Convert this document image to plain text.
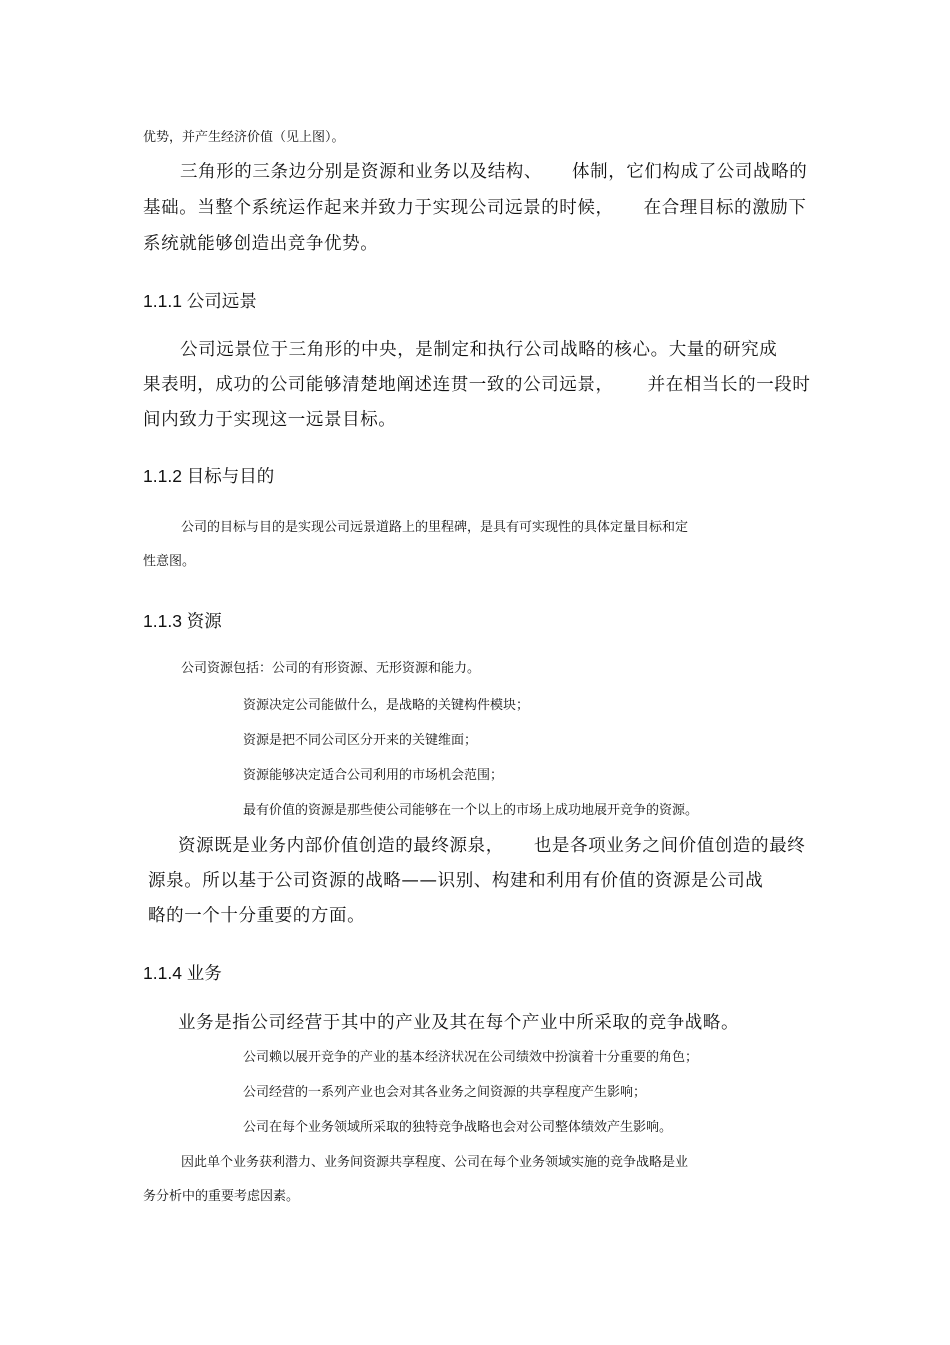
优势，并产生经济价值（见上图）。
三角形的三条边分别是资源和业务以及结构、 体制，它们构成了公司战略的
基础。当整个系统运作起来并致力于实现公司远景的时候， 在合理目标的激励下
系统就能够创造出竞争优势。
1.1.1 公司远景
公司远景位于三角形的中央，是制定和执行公司战略的核心。大量的研究成
果表明，成功的公司能够清楚地阐述连贯一致的公司远景， 并在相当长的一段时
间内致力于实现这一远景目标。
1.1.2 目标与目的
公司的目标与目的是实现公司远景道路上的里程碑，是具有可实现性的具体定量目标和定
性意图。
1.1.3 资源
公司资源包括：公司的有形资源、无形资源和能力。
资源决定公司能做什么，是战略的关键构件模块；
资源是把不同公司区分开来的关键维面；
资源能够决定适合公司利用的市场机会范围；
最有价值的资源是那些使公司能够在一个以上的市场上成功地展开竞争的资源。
资源既是业务内部价值创造的最终源泉， 也是各项业务之间价值创造的最终
源泉。所以基于公司资源的战略——识别、构建和利用有价值的资源是公司战
略的一个十分重要的方面。
1.1.4 业务
业务是指公司经营于其中的产业及其在每个产业中所采取的竞争战略。
公司赖以展开竞争的产业的基本经济状况在公司绩效中扮演着十分重要的角色；
公司经营的一系列产业也会对其各业务之间资源的共享程度产生影响；
公司在每个业务领域所采取的独特竞争战略也会对公司整体绩效产生影响。
因此单个业务获利潜力、业务间资源共享程度、公司在每个业务领域实施的竞争战略是业
务分析中的重要考虑因素。
